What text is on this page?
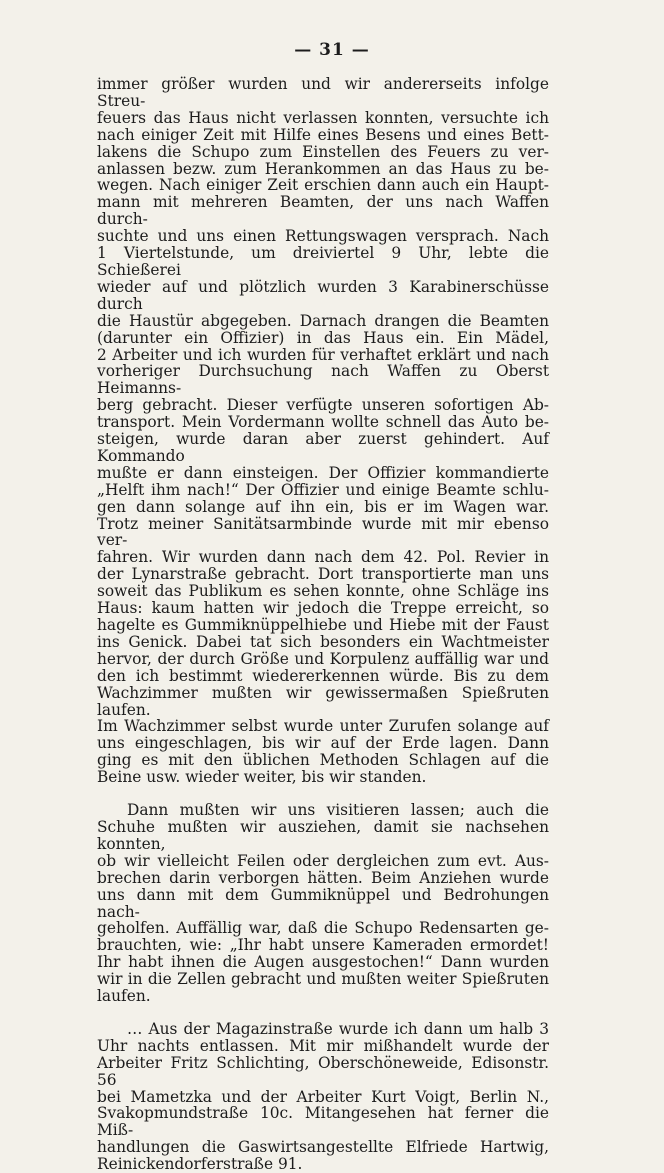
— 31 —

immer größer wurden und wir andererseits infolge Streu-
feuers das Haus nicht verlassen konnten, versuchte ich
nach einiger Zeit mit Hilfe eines Besens und eines Bett-
lakens die Schupo zum Einstellen des Feuers zu ver-
anlassen bezw. zum Herankommen an das Haus zu be-
wegen. Nach einiger Zeit erschien dann auch ein Haupt-
mann mit mehreren Beamten, der uns nach Waffen durch-
suchte und uns einen Rettungswagen versprach. Nach
1 Viertelstunde, um dreiviertel 9 Uhr, lebte die Schießerei
wieder auf und plötzlich wurden 3 Karabinerschüsse durch
die Haustür abgegeben. Darnach drangen die Beamten
(darunter ein Offizier) in das Haus ein. Ein Mädel,
2 Arbeiter und ich wurden für verhaftet erklärt und nach
vorheriger Durchsuchung nach Waffen zu Oberst Heimanns-
berg gebracht. Dieser verfügte unseren sofortigen Ab-
transport. Mein Vordermann wollte schnell das Auto be-
steigen, wurde daran aber zuerst gehindert. Auf Kommando
mußte er dann einsteigen. Der Offizier kommandierte
„Helft ihm nach!“ Der Offizier und einige Beamte schlu-
gen dann solange auf ihn ein, bis er im Wagen war.
Trotz meiner Sanitätsarmbinde wurde mit mir ebenso ver-
fahren. Wir wurden dann nach dem 42. Pol. Revier in
der Lynarstraße gebracht. Dort transportierte man uns
soweit das Publikum es sehen konnte, ohne Schläge ins
Haus: kaum hatten wir jedoch die Treppe erreicht, so
hagelte es Gummiknüppelhiebe und Hiebe mit der Faust
ins Genick. Dabei tat sich besonders ein Wachtmeister
hervor, der durch Größe und Korpulenz auffällig war und
den ich bestimmt wiedererkennen würde. Bis zu dem
Wachzimmer mußten wir gewissermaßen Spießruten laufen.
Im Wachzimmer selbst wurde unter Zurufen solange auf
uns eingeschlagen, bis wir auf der Erde lagen. Dann
ging es mit den üblichen Methoden Schlagen auf die
Beine usw. wieder weiter, bis wir standen.

Dann mußten wir uns visitieren lassen; auch die
Schuhe mußten wir ausziehen, damit sie nachsehen konnten,
ob wir vielleicht Feilen oder dergleichen zum evt. Aus-
brechen darin verborgen hätten. Beim Anziehen wurde
uns dann mit dem Gummiknüppel und Bedrohungen nach-
geholfen. Auffällig war, daß die Schupo Redensarten ge-
brauchten, wie: „Ihr habt unsere Kameraden ermordet!
Ihr habt ihnen die Augen ausgestochen!“ Dann wurden
wir in die Zellen gebracht und mußten weiter Spießruten
laufen.

… Aus der Magazinstraße wurde ich dann um halb 3
Uhr nachts entlassen. Mit mir mißhandelt wurde der
Arbeiter Fritz Schlichting, Oberschöneweide, Edisonstr. 56
bei Mametzka und der Arbeiter Kurt Voigt, Berlin N.,
Svakopmundstraße 10c. Mitangesehen hat ferner die Miß-
handlungen die Gaswirtsangestellte Elfriede Hartwig,
Reinickendorferstraße 91.
